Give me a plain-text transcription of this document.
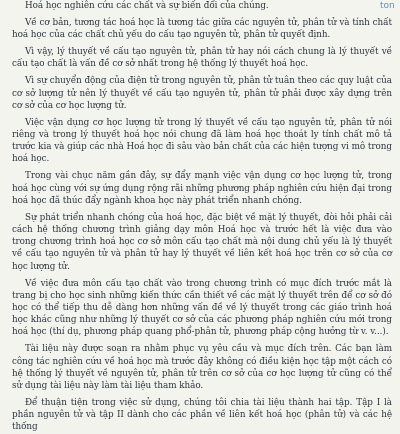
ton

Hoá học nghiên cứu các chất và sự biến đổi của chúng.

Về cơ bản, tương tác hoá học là tương tác giữa các nguyên tử, phân tử và tính chất hoá học của các chất chủ yếu do cấu tạo nguyên tử, phân tử quyết định.

Vì vậy, lý thuyết về cấu tạo nguyên tử, phân tử hay nói cách chung là lý thuyết về cấu tạo chất là vấn đề cơ sở nhất trong hệ thống lý thuyết hoá học.

Vì sự chuyển động của điện tử trong nguyên tử, phân tử tuân theo các quy luật của cơ sở lượng tử nên lý thuyết về cấu tạo nguyên tử, phân tử phải được xây dựng trên cơ sở của cơ học lượng tử.

Việc vận dụng cơ học lượng tử trong lý thuyết về cấu tạo nguyên tử, phân tử nói riêng và trong lý thuyết hoá học nói chung đã làm hoá học thoát ly tính chất mô tả trước kia và giúp các nhà Hoá học đi sâu vào bản chất của các hiện tượng vi mô trong hoá học.

Trong vài chục năm gần đây, sự đẩy mạnh việc vận dụng cơ học lượng tử, trong hoá học cùng với sự ứng dụng rộng rãi những phương pháp nghiên cứu hiện đại trong hoá học đã thúc đẩy ngành khoa học này phát triển nhanh chóng.

Sự phát triển nhanh chóng của hoá học, đặc biệt về mặt lý thuyết, đòi hỏi phải cải cách hệ thống chương trình giảng dạy môn Hoá học và trước hết là việc đưa vào trong chương trình hoá học cơ sở môn cấu tạo chất mà nội dung chủ yếu là lý thuyết về cấu tạo nguyên tử và phân tử hay lý thuyết về liên kết hoá học trên cơ sở của cơ học lượng tử.

Về việc đưa môn cấu tạo chất vào trong chương trình có mục đích trước mắt là trang bị cho học sinh những kiến thức cần thiết về các mặt lý thuyết trên để cơ sở đó học có thể tiếp thu dễ dàng hơn những vấn đề về lý thuyết trong các giáo trình hoá học khác cũng như những lý thuyết cơ sở của các phương pháp nghiên cứu mới trong hoá học (thí dụ, phương pháp quang phổ-phân tử, phương pháp cộng hưởng từ v. v...).

Tài liệu này được soạn ra nhằm phục vụ yêu cầu và mục đích trên. Các bạn làm công tác nghiên cứu về hoá học mà trước đây không có điều kiện học tập một cách có hệ thống lý thuyết về nguyên tử, phân tử trên cơ sở của cơ học lượng tử cũng có thể sử dụng tài liệu này làm tài liệu tham khảo.

Để thuận tiện trong việc sử dụng, chúng tôi chia tài liệu thành hai tập. Tập I là phần nguyên tử và tập II dành cho các phần về liên kết hoá học (phân tử) và các hệ thống
